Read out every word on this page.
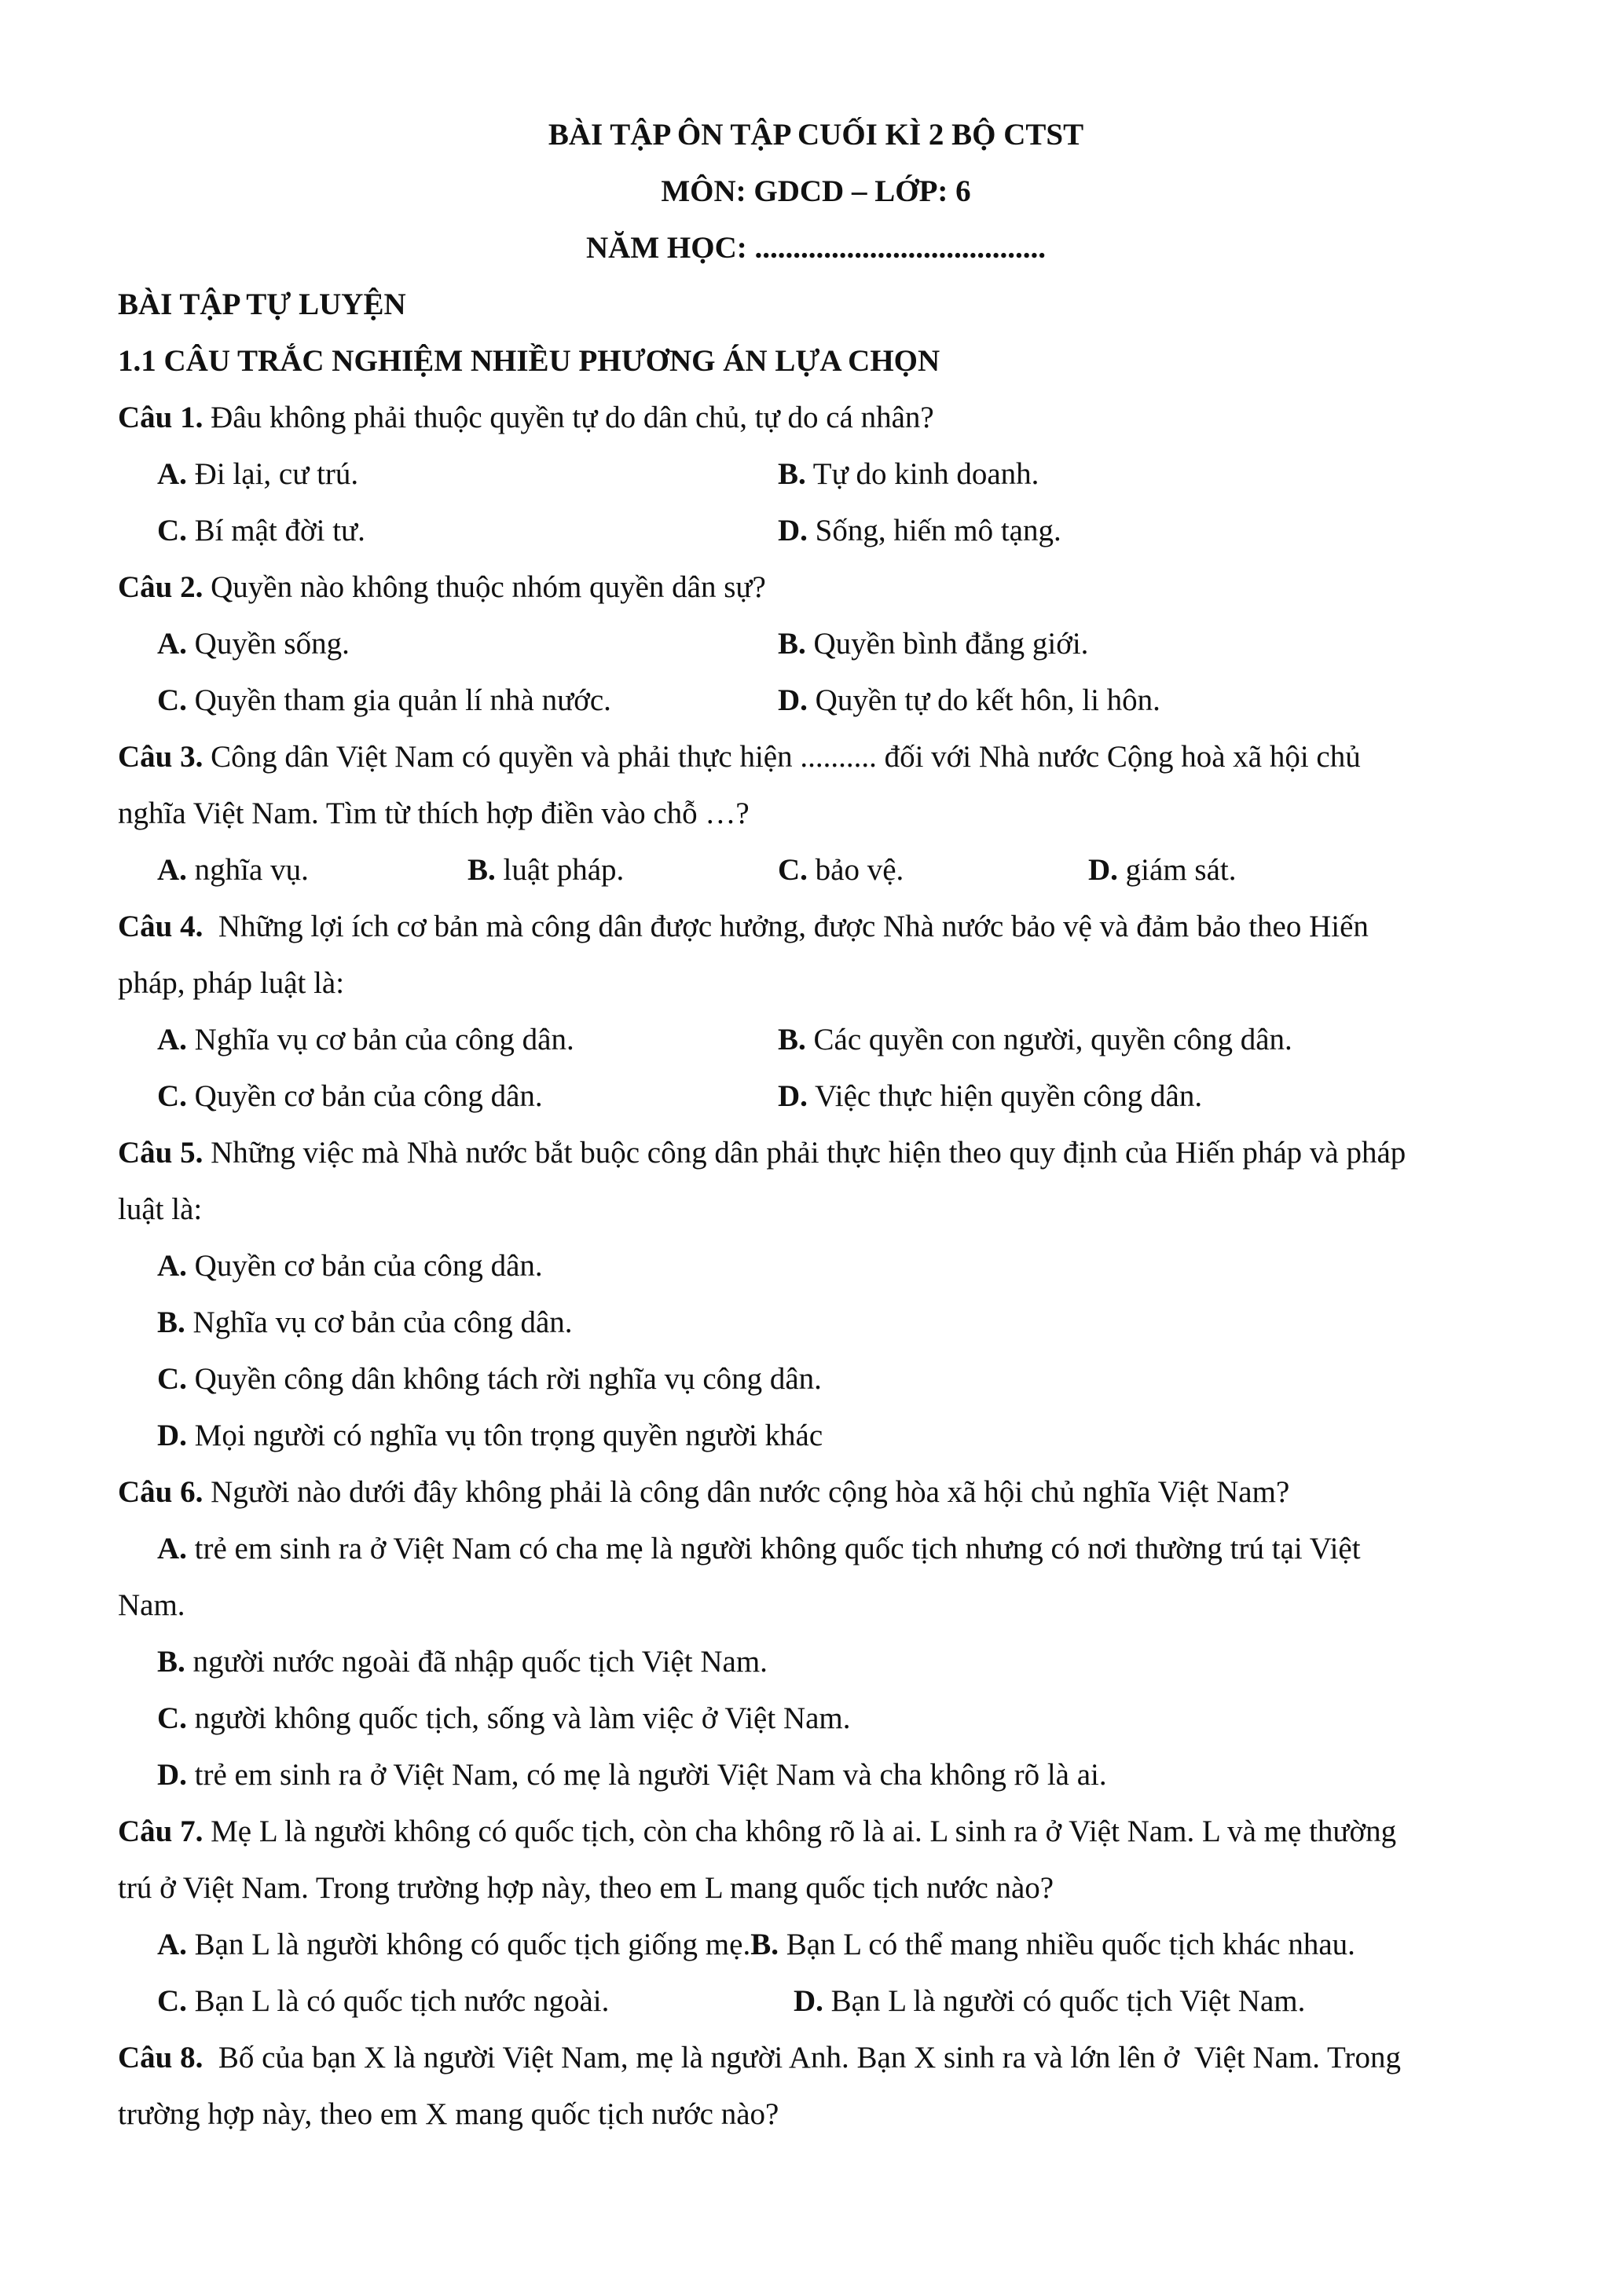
BÀI TẬP ÔN TẬP CUỐI KÌ 2 BỘ CTST
MÔN: GDCD – LỚP: 6
NĂM HỌC: ......................................
BÀI TẬP TỰ LUYỆN
1.1 CÂU TRẮC NGHIỆM NHIỀU PHƯƠNG ÁN LỰA CHỌN
Câu 1. Đâu không phải thuộc quyền tự do dân chủ, tự do cá nhân?
A. Đi lại, cư trú.	B. Tự do kinh doanh.
C. Bí mật đời tư.	D. Sống, hiến mô tạng.
Câu 2. Quyền nào không thuộc nhóm quyền dân sự?
A. Quyền sống.	B. Quyền bình đẳng giới.
C. Quyền tham gia quản lí nhà nước.	D. Quyền tự do kết hôn, li hôn.
Câu 3. Công dân Việt Nam có quyền và phải thực hiện .......... đối với Nhà nước Cộng hoà xã hội chủ
nghĩa Việt Nam. Tìm từ thích hợp điền vào chỗ …?
A. nghĩa vụ.	B. luật pháp.	C. bảo vệ.	D. giám sát.
Câu 4.  Những lợi ích cơ bản mà công dân được hưởng, được Nhà nước bảo vệ và đảm bảo theo Hiến
pháp, pháp luật là:
A. Nghĩa vụ cơ bản của công dân.	B. Các quyền con người, quyền công dân.
C. Quyền cơ bản của công dân.	D. Việc thực hiện quyền công dân.
Câu 5. Những việc mà Nhà nước bắt buộc công dân phải thực hiện theo quy định của Hiến pháp và pháp
luật là:
A. Quyền cơ bản của công dân.
B. Nghĩa vụ cơ bản của công dân.
C. Quyền công dân không tách rời nghĩa vụ công dân.
D. Mọi người có nghĩa vụ tôn trọng quyền người khác
Câu 6. Người nào dưới đây không phải là công dân nước cộng hòa xã hội chủ nghĩa Việt Nam?
A. trẻ em sinh ra ở Việt Nam có cha mẹ là người không quốc tịch nhưng có nơi thường trú tại Việt
Nam.
B. người nước ngoài đã nhập quốc tịch Việt Nam.
C. người không quốc tịch, sống và làm việc ở Việt Nam.
D. trẻ em sinh ra ở Việt Nam, có mẹ là người Việt Nam và cha không rõ là ai.
Câu 7. Mẹ L là người không có quốc tịch, còn cha không rõ là ai. L sinh ra ở Việt Nam. L và mẹ thường
trú ở Việt Nam. Trong trường hợp này, theo em L mang quốc tịch nước nào?
A. Bạn L là người không có quốc tịch giống mẹ.B. Bạn L có thể mang nhiều quốc tịch khác nhau.
C. Bạn L là có quốc tịch nước ngoài.	D. Bạn L là người có quốc tịch Việt Nam.
Câu 8.  Bố của bạn X là người Việt Nam, mẹ là người Anh. Bạn X sinh ra và lớn lên ở  Việt Nam. Trong
trường hợp này, theo em X mang quốc tịch nước nào?
